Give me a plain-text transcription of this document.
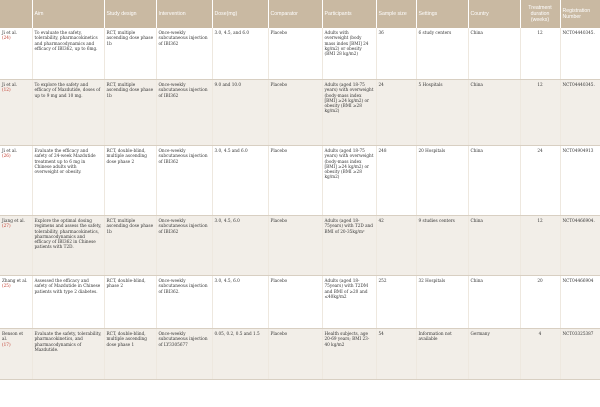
	Aim	Study design	Intervention	Dose(mg)	Comparator	Participants	Sample size	Settings	Country	Treatment duration (weeks)	Registration Number
Ji et al.
(24)	To evaluate the safety, tolerability, pharmacokinetics and pharmacodynamics and efficacy of IBI362, up to 6mg.	RCT, multiple ascending dose phase 1b	Once-weekly subcutaneous injection of IBI362	3.0, 4.5, and 6.0	Placebo	Adults with overweight (body mass index [BMI] 24 kg/m2) or obesity (BMI 28 kg/m2)	36	6 study centers	China	12	NCT04440345.
Ji et al.
(12)	To explore the safety and efficacy of Mazdutide, doses of up to 9 mg and 10 mg.	RCT, multiple ascending dose phase 1b	Once-weekly subcutaneous injection of IBI362	9.0 and 10.0	Placebo	Adults (aged 18-75 years) with overweight (body-mass index [BMI] ≥24 kg/m2) or obesity (BMI ≥28 kg/m2)	24	5 Hospitals	China	12	NCT04440345.
Ji et al.
(26)	Evaluate the efficacy and safety of 24-week Mazdutide treatment up to 6 mg in Chinese adults with overweight or obesity.	RCT, double-blind, multiple ascending dose phase 2	Once-weekly subcutaneous injection of IBI362	3.0, 4.5 and 6.0	Placebo	Adults (aged 18-75 years) with overweight (body-mass index [BMI] ≥24 kg/m2) or obesity (BMI ≥28 kg/m2)	248	20 Hospitals	China	24	NCT04904913
Jiang et al.
(27)	Explore the optimal dosing regimens and assess the safety, tolerability, pharmacokinetics, pharmacodynamics and efficacy of IBI362 in Chinese patients with T2D.	RCT, multiple ascending dose phase 1b	Once-weekly subcutaneous injection of IBI362	3.0, 4.5, 6.0	Placebo	Adults (aged 18-75years) with T2D and BMI of 20-35kg/m²	42	9 studies centers	China	12	NCT04466904.
Zhang et al.
(25)	Assessed the efficacy and safety of Mazdutide in Chinese patients with type 2 diabetes.	RCT, double-blind, phase 2	Once-weekly subcutaneous injection of IBI362.	3.0, 4.5, 6.0	Placebo	Adults (aged 18-75years) with T2DM and BMI of ≥20 and ≤40kg/m2	252	32 Hospitals	China	20	NCT04466904
Benson et al.
(17)	Evaluate the safety, tolerability, pharmacokinetics, and pharmacodynamics of Mazdutide.	RCT, double-blind, multiple ascending dose phase 1	Once-weekly subcutaneous injection of LY3305677	0.05, 0.2, 0.5 and 1.5	Placebo	Health subjects, age 20-69 years; BMI 23-40 kg/m2	54	Information not available	Germany	4	NCT03325387
